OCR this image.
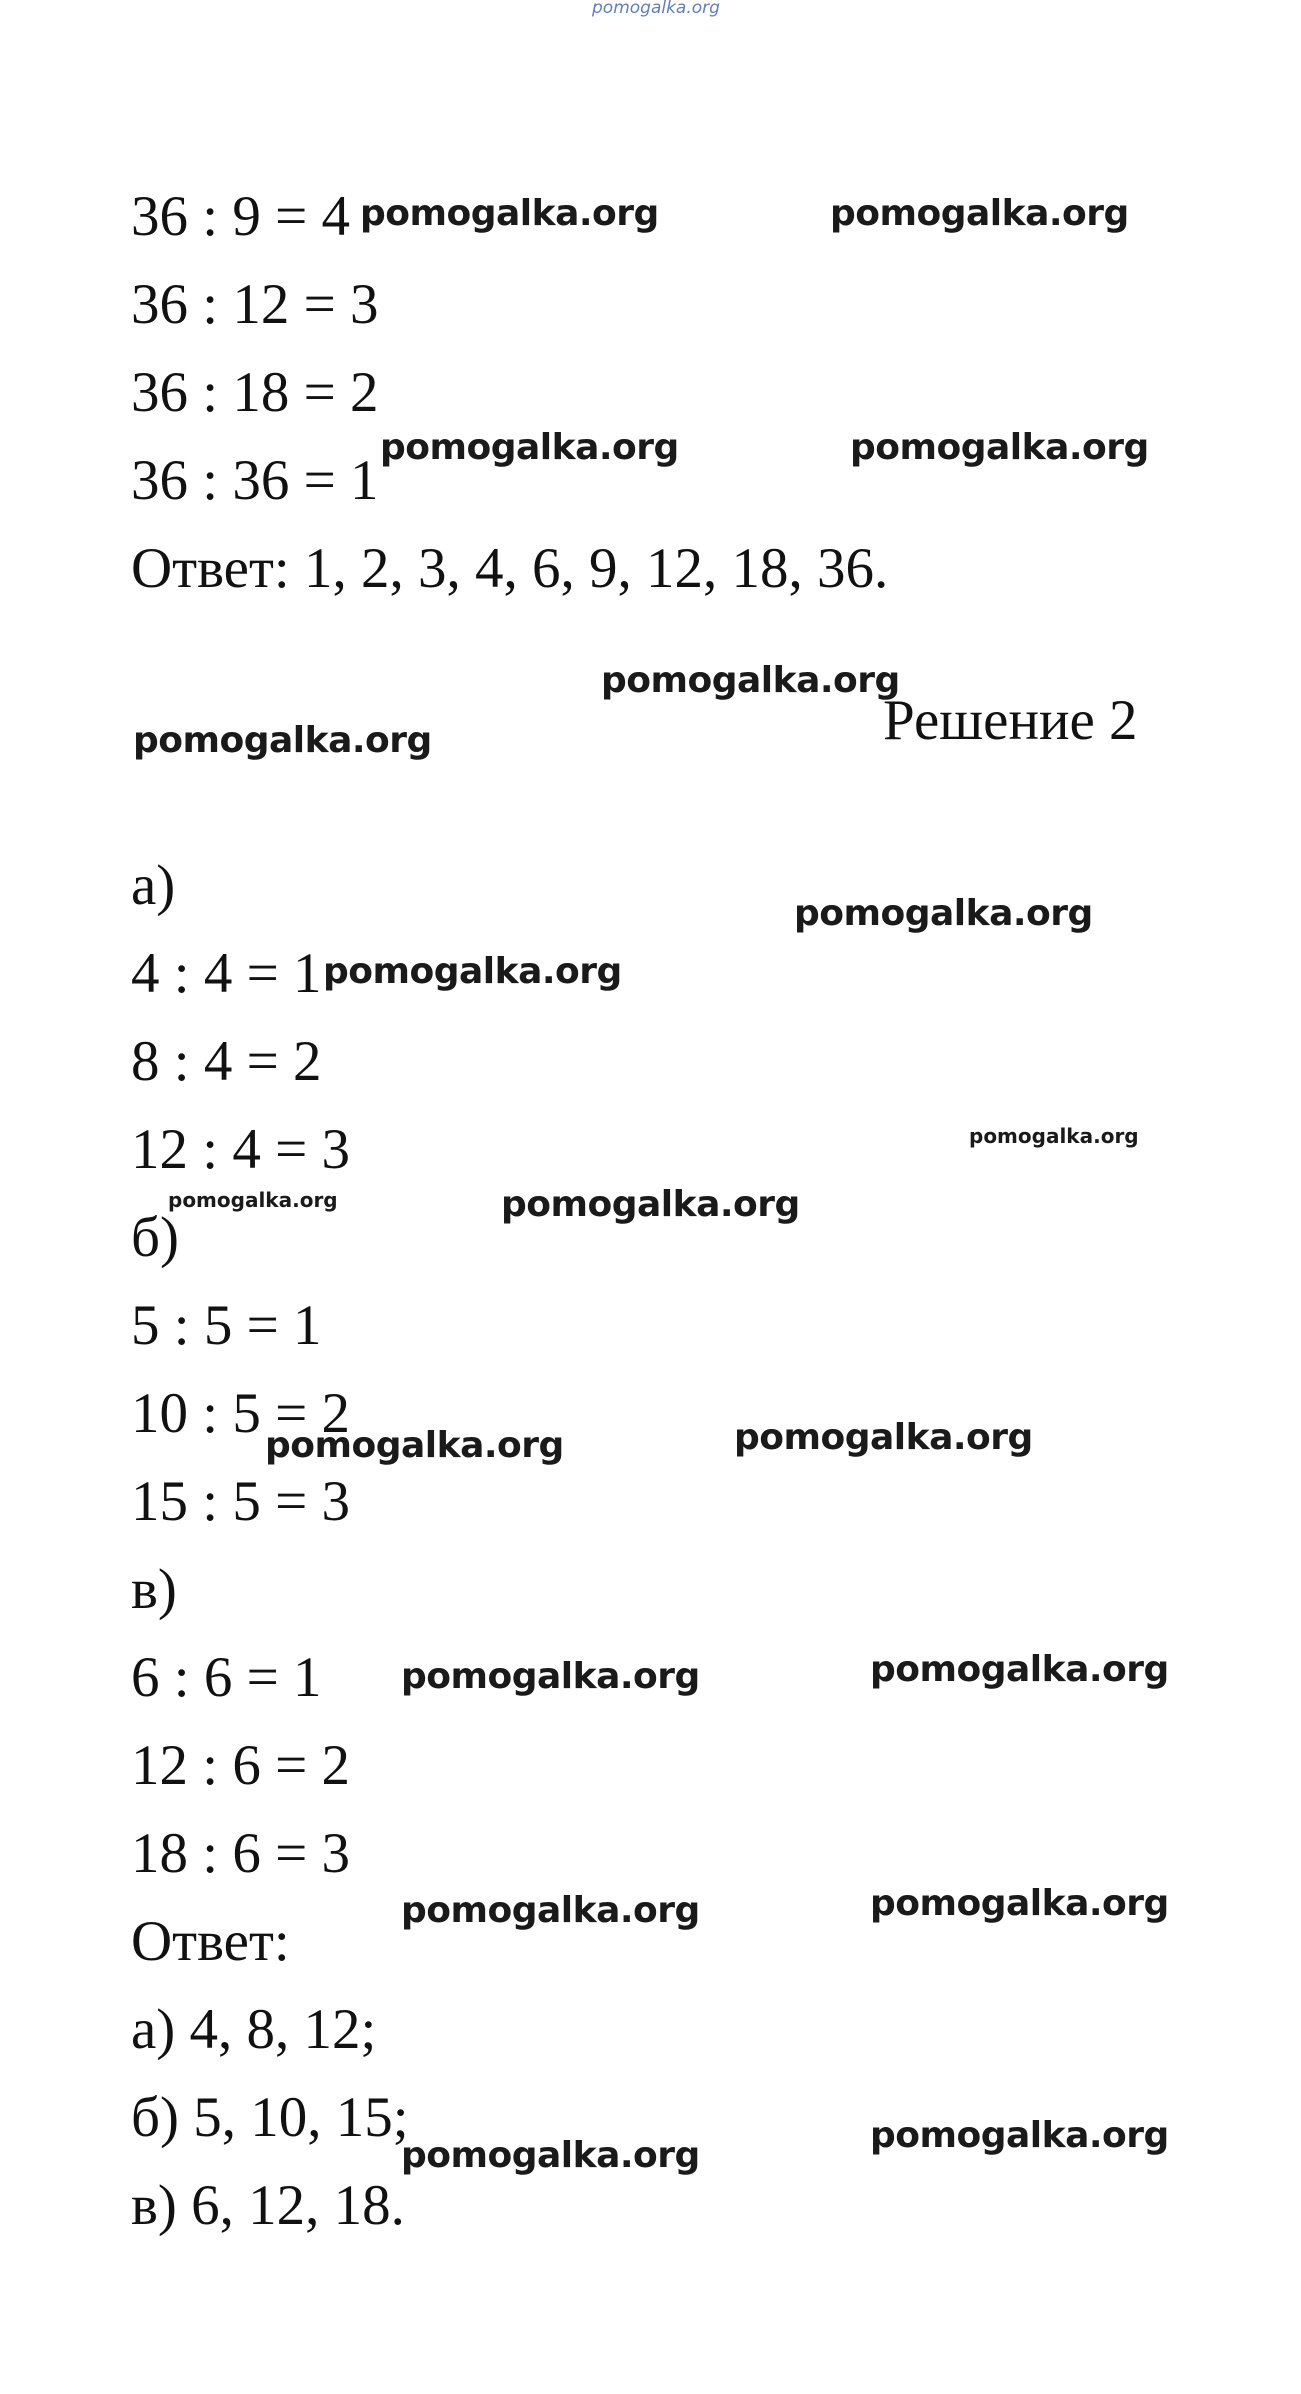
pomogalka.org
36 : 9 = 4
36 : 12 = 3
36 : 18 = 2
36 : 36 = 1
Ответ: 1, 2, 3, 4, 6, 9, 12, 18, 36.
Решение 2
а)
4 : 4 = 1
8 : 4 = 2
12 : 4 = 3
б)
5 : 5 = 1
10 : 5 = 2
15 : 5 = 3
в)
6 : 6 = 1
12 : 6 = 2
18 : 6 = 3
Ответ:
а) 4, 8, 12;
б) 5, 10, 15;
в) 6, 12, 18.
pomogalka.org	pomogalka.org
pomogalka.org	pomogalka.org
pomogalka.org
pomogalka.org
pomogalka.org
pomogalka.org
pomogalka.org
pomogalka.org	pomogalka.org
pomogalka.org	pomogalka.org
pomogalka.org	pomogalka.org
pomogalka.org	pomogalka.org
pomogalka.org	pomogalka.org
